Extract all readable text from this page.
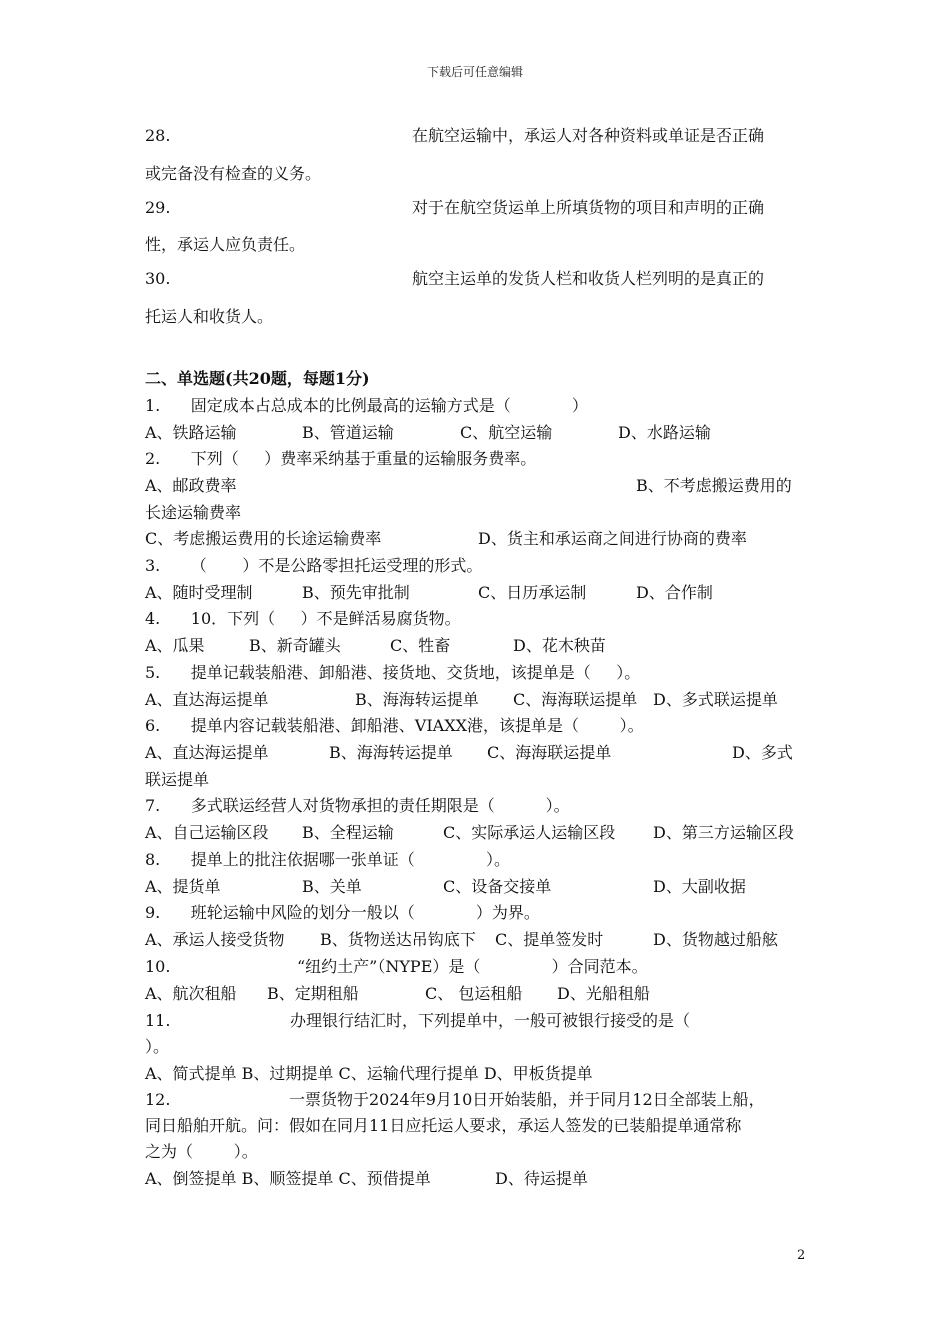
下载后可任意编辑
28.	在航空运输中，承运人对各种资料或单证是否正确
或完备没有检查的义务。
29.	对于在航空货运单上所填货物的项目和声明的正确
性，承运人应负责任。
30.	航空主运单的发货人栏和收货人栏列明的是真正的
托运人和收货人。
二、单选题(共20题，每题1分)
1.      固定成本占总成本的比例最高的运输方式是（            ）
A、铁路运输	B、管道运输	C、航空运输	D、水路运输
2.      下列（     ）费率采纳基于重量的运输服务费率。
A、邮政费率	B、不考虑搬运费用的
长途运输费率
C、考虑搬运费用的长途运输费率	D、货主和承运商之间进行协商的费率
3.      （       ）不是公路零担托运受理的形式。
A、随时受理制	B、预先审批制	C、日历承运制	D、合作制
4.      10．下列（     ）不是鲜活易腐货物。
A、瓜果	B、新奇罐头	C、牲畜	D、花木秧苗
5.      提单记载装船港、卸船港、接货地、交货地，该提单是（     ）。
A、直达海运提单	B、海海转运提单 C、海海联运提单 D、多式联运提单
6.      提单内容记载装船港、卸船港、VIAXX港，该提单是（        ）。
A、直达海运提单	B、海海转运提单 C、海海联运提单	D、多式
联运提单
7.      多式联运经营人对货物承担的责任期限是（          ）。
A、自己运输区段 B、全程运输	C、实际承运人运输区段 D、第三方运输区段
8.      提单上的批注依据哪一张单证（              ）。
A、提货单	B、关单	C、设备交接单	D、大副收据
9.      班轮运输中风险的划分一般以（            ）为界。
A、承运人接受货物 B、货物送达吊钩底下 C、提单签发时	D、货物越过船舷
10.	“纽约土产”（NYPE）是（              ）合同范本。
A、航次租船 B、定期租船	C、 包运租船 D、光船租船
11.	办理银行结汇时，下列提单中，一般可被银行接受的是（
）。
A、简式提单 B、过期提单 C、运输代理行提单 D、甲板货提单
12.	一票货物于2024年9月10日开始装船，并于同月12日全部装上船，
同日船舶开航。问：假如在同月11日应托运人要求，承运人签发的已装船提单通常称
之为（        ）。
A、倒签提单 B、顺签提单 C、预借提单	D、待运提单
2
